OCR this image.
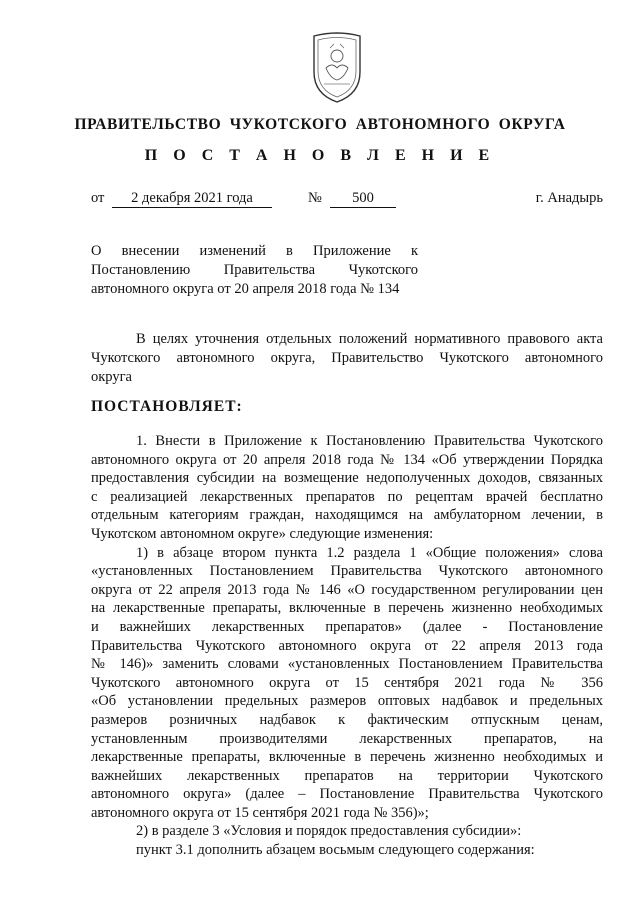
ПРАВИТЕЛЬСТВО ЧУКОТСКОГО АВТОНОМНОГО ОКРУГА
П О С Т А Н О В Л Е Н И Е
от	2 декабря 2021 года	№	500	г. Анадырь
О внесении изменений в Приложение к
Постановлению Правительства Чукотского
автономного округа от 20 апреля 2018 года № 134
В целях уточнения отдельных положений нормативного правового акта
Чукотского автономного округа, Правительство Чукотского автономного
округа
ПОСТАНОВЛЯЕТ:
1. Внести в Приложение к Постановлению Правительства Чукотского
автономного округа от 20 апреля 2018 года № 134 «Об утверждении Порядка
предоставления субсидии на возмещение недополученных доходов, связанных
с реализацией лекарственных препаратов по рецептам врачей бесплатно
отдельным категориям граждан, находящимся на амбулаторном лечении, в
Чукотском автономном округе» следующие изменения:
1) в абзаце втором пункта 1.2 раздела 1 «Общие положения» слова
«установленных Постановлением Правительства Чукотского автономного
округа от 22 апреля 2013 года № 146 «О государственном регулировании цен
на лекарственные препараты, включенные в перечень жизненно необходимых
и важнейших лекарственных препаратов» (далее - Постановление
Правительства Чукотского автономного округа от 22 апреля 2013 года
№ 146)» заменить словами «установленных Постановлением Правительства
Чукотского автономного округа от 15 сентября 2021 года № 356
«Об установлении предельных размеров оптовых надбавок и предельных
размеров розничных надбавок к фактическим отпускным ценам,
установленным производителями лекарственных препаратов, на
лекарственные препараты, включенные в перечень жизненно необходимых и
важнейших лекарственных препаратов на территории Чукотского
автономного округа» (далее – Постановление Правительства Чукотского
автономного округа от 15 сентября 2021 года № 356)»;
2) в разделе 3 «Условия и порядок предоставления субсидии»:
пункт 3.1 дополнить абзацем восьмым следующего содержания:
